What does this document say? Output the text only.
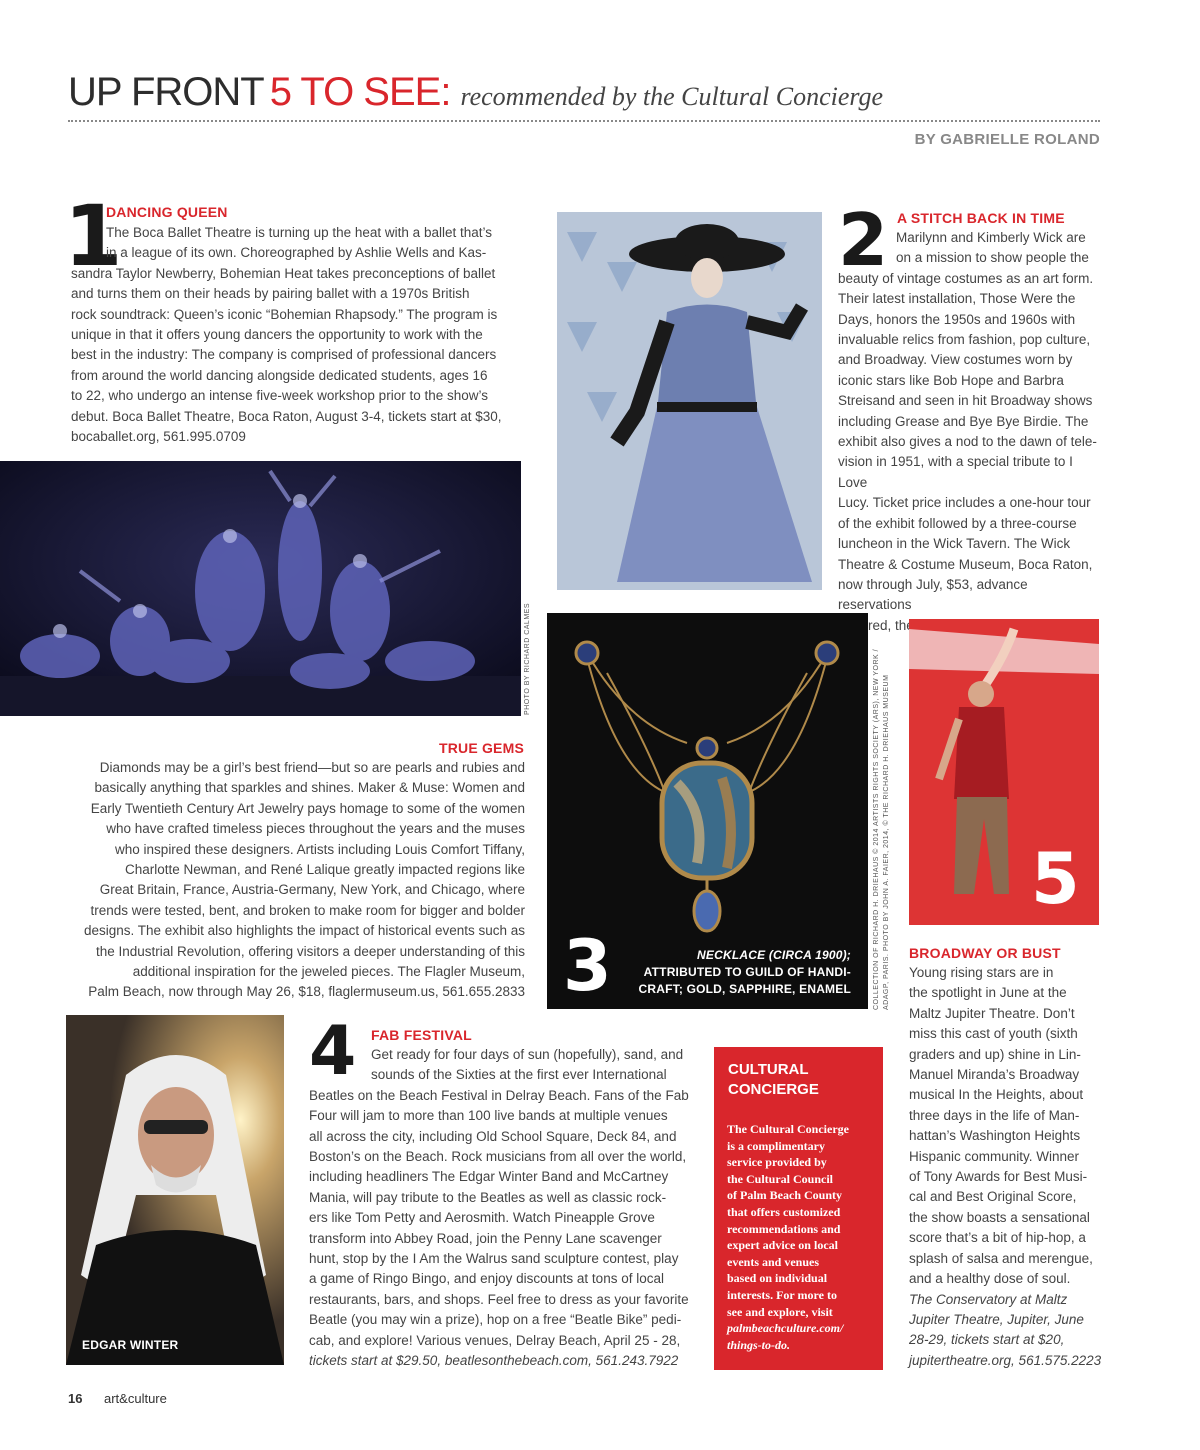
UP FRONT 5 TO SEE: recommended by the Cultural Concierge
BY GABRIELLE ROLAND
1
DANCING QUEEN
The Boca Ballet Theatre is turning up the heat with a ballet that’s
in a league of its own. Choreographed by Ashlie Wells and Kas-
sandra Taylor Newberry, Bohemian Heat takes preconceptions of ballet
and turns them on their heads by pairing ballet with a 1970s British
rock soundtrack: Queen’s iconic “Bohemian Rhapsody.” The program is
unique in that it offers young dancers the opportunity to work with the
best in the industry: The company is comprised of professional dancers
from around the world dancing alongside dedicated students, ages 16
to 22, who undergo an intense five-week workshop prior to the show’s
debut. Boca Ballet Theatre, Boca Raton, August 3-4, tickets start at $30,
bocaballet.org, 561.995.0709
PHOTO BY RICHARD CALMES
2 A STITCH BACK IN TIME
Marilynn and Kimberly Wick are
on a mission to show people the
beauty of vintage costumes as an art form.
Their latest installation, Those Were the
Days, honors the 1950s and 1960s with
invaluable relics from fashion, pop culture,
and Broadway. View costumes worn by
iconic stars like Bob Hope and Barbra
Streisand and seen in hit Broadway shows
including Grease and Bye Bye Birdie. The
exhibit also gives a nod to the dawn of tele-
vision in 1951, with a special tribute to I Love
Lucy. Ticket price includes a one-hour tour
of the exhibit followed by a three-course
luncheon in the Wick Tavern. The Wick
Theatre & Costume Museum, Boca Raton,
now through July, $53, advance reservations
TRUE GEMS
Diamonds may be a girl’s best friend—but so are pearls and rubies and
basically anything that sparkles and shines. Maker & Muse: Women and
Early Twentieth Century Art Jewelry pays homage to some of the women
who have crafted timeless pieces throughout the years and the muses
who inspired these designers. Artists including Louis Comfort Tiffany,
Charlotte Newman, and René Lalique greatly impacted regions like
Great Britain, France, Austria-Germany, New York, and Chicago, where
trends were tested, bent, and broken to make room for bigger and bolder
designs. The exhibit also highlights the impact of historical events such as
the Industrial Revolution, offering visitors a deeper understanding of this
additional inspiration for the jeweled pieces. The Flagler Museum,
Palm Beach, now through May 26, $18, flaglermuseum.us, 561.655.2833 3	NECKLACE (CIRCA 1900);
ATTRIBUTED TO GUILD OF HANDI-
CRAFT; GOLD, SAPPHIRE, ENAMEL	COLLECTION OF RICHARD H. DRIEHAUS © 2014 ARTISTS RIGHTS SOCIETY (ARS), NEW YORK / ADAGP, PARIS. PHOTO BY JOHN A. FAIER, 2014, © THE RICHARD H. DRIEHAUS MUSEUM 5
BROADWAY OR BUST
Young rising stars are in
the spotlight in June at the
Maltz Jupiter Theatre. Don’t
miss this cast of youth (sixth
graders and up) shine in Lin-
Manuel Miranda’s Broadway
musical In the Heights, about
three days in the life of Man-
hattan’s Washington Heights
Hispanic community. Winner
of Tony Awards for Best Musi-
cal and Best Original Score,
the show boasts a sensational
score that’s a bit of hip-hop, a
splash of salsa and merengue,
and a healthy dose of soul.
The Conservatory at Maltz
Jupiter Theatre, Jupiter, June
28-29, tickets start at $20,
jupitertheatre.org, 561.575.2223
EDGAR WINTER
4 FAB FESTIVAL
Get ready for four days of sun (hopefully), sand, and
sounds of the Sixties at the first ever International
Beatles on the Beach Festival in Delray Beach. Fans of the Fab
Four will jam to more than 100 live bands at multiple venues
all across the city, including Old School Square, Deck 84, and
Boston’s on the Beach. Rock musicians from all over the world,
including headliners The Edgar Winter Band and McCartney
Mania, will pay tribute to the Beatles as well as classic rock-
ers like Tom Petty and Aerosmith. Watch Pineapple Grove
transform into Abbey Road, join the Penny Lane scavenger
hunt, stop by the I Am the Walrus sand sculpture contest, play
a game of Ringo Bingo, and enjoy discounts at tons of local
restaurants, bars, and shops. Feel free to dress as your favorite
Beatle (you may win a prize), hop on a free “Beatle Bike” pedi-
cab, and explore! Various venues, Delray Beach, April 25 - 28,
tickets start at $29.50, beatlesonthebeach.com, 561.243.7922
CULTURAL
CONCIERGE
The Cultural Concierge
is a complimentary
service provided by
the Cultural Council
of Palm Beach County
that offers customized
recommendations and
expert advice on local
events and venues
based on individual
interests. For more to
see and explore, visit
palmbeachculture.com/
things-to-do.
16 art&culture
